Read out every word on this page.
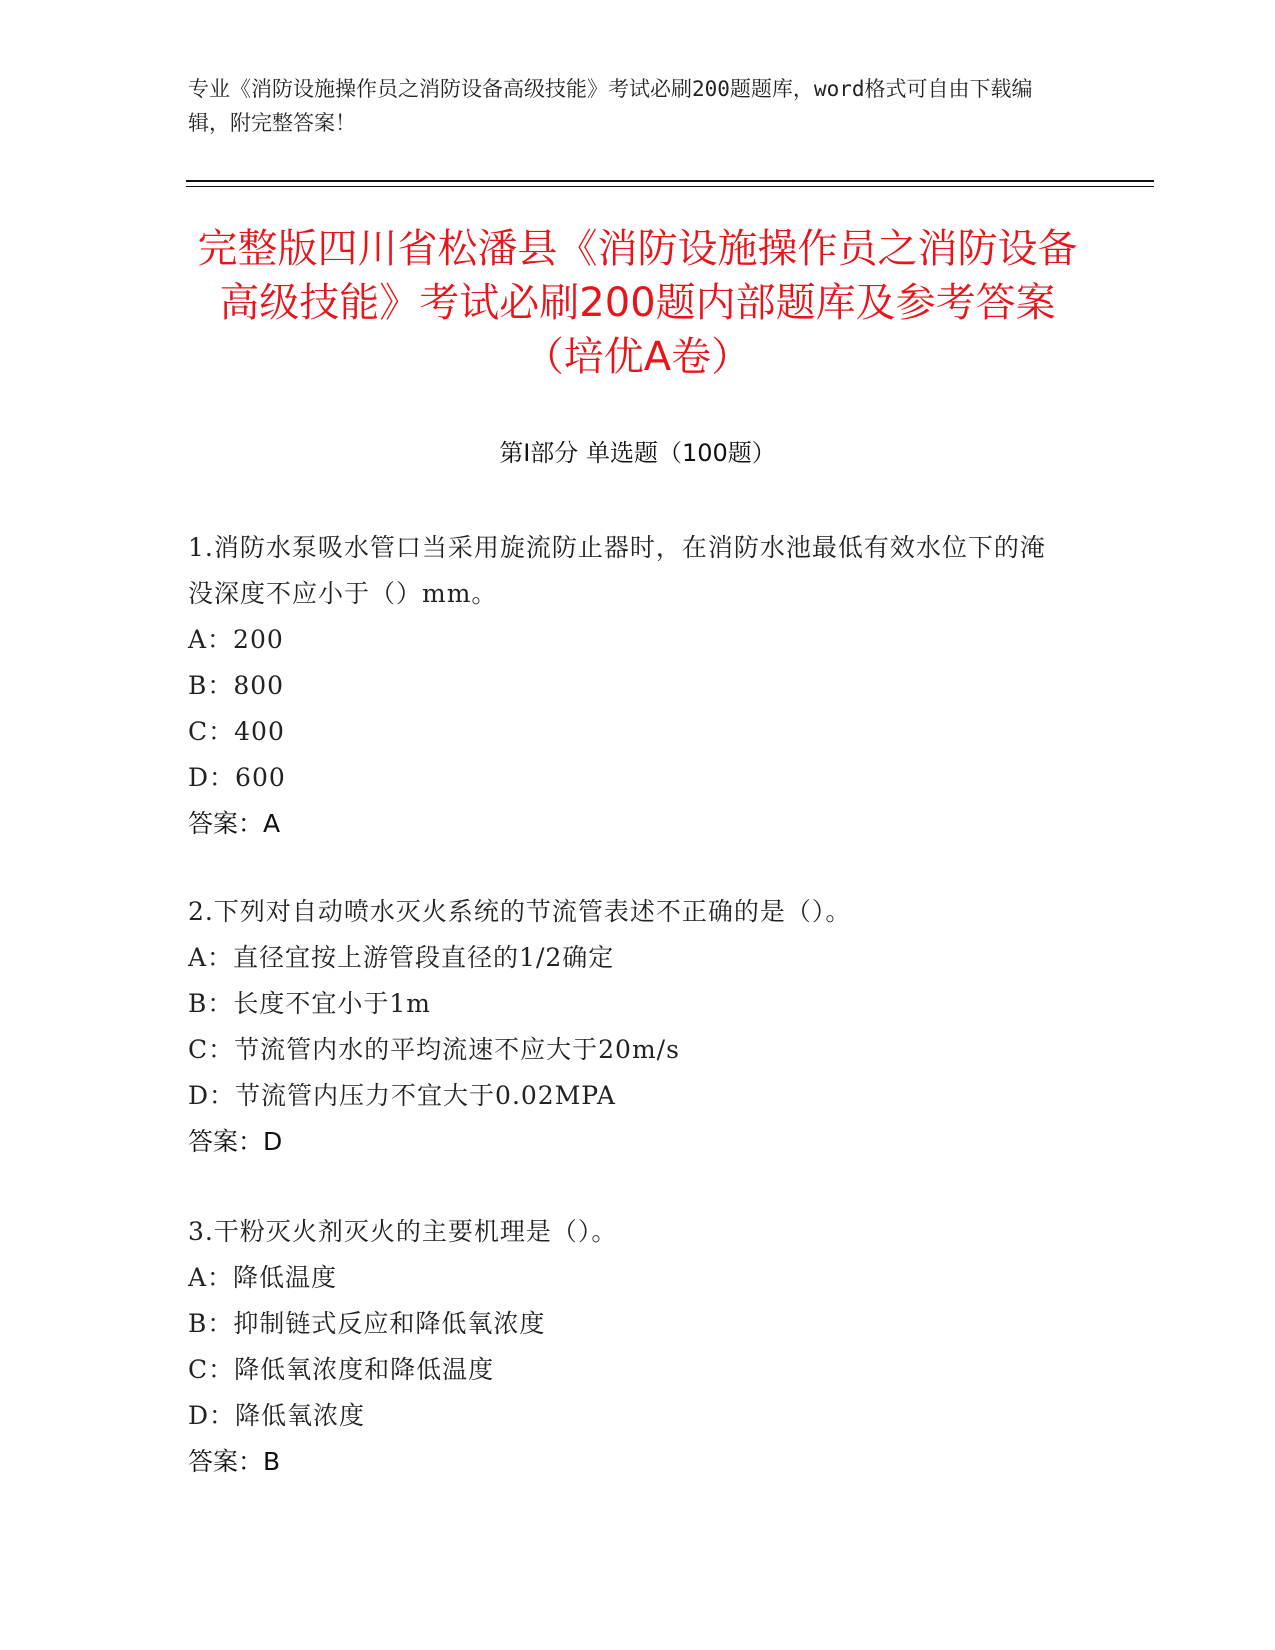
专业《消防设施操作员之消防设备高级技能》考试必刷200题题库，word格式可自由下载编辑，附完整答案！
完整版四川省松潘县《消防设施操作员之消防设备高级技能》考试必刷200题内部题库及参考答案（培优A卷）
第I部分 单选题（100题）
1.消防水泵吸水管口当采用旋流防止器时，在消防水池最低有效水位下的淹没深度不应小于（）mm。
A：200
B：800
C：400
D：600
答案：A
2.下列对自动喷水灭火系统的节流管表述不正确的是（）。
A：直径宜按上游管段直径的1/2确定
B：长度不宜小于1m
C：节流管内水的平均流速不应大于20m/s
D：节流管内压力不宜大于0.02MPA
答案：D
3.干粉灭火剂灭火的主要机理是（）。
A：降低温度
B：抑制链式反应和降低氧浓度
C：降低氧浓度和降低温度
D：降低氧浓度
答案：B
